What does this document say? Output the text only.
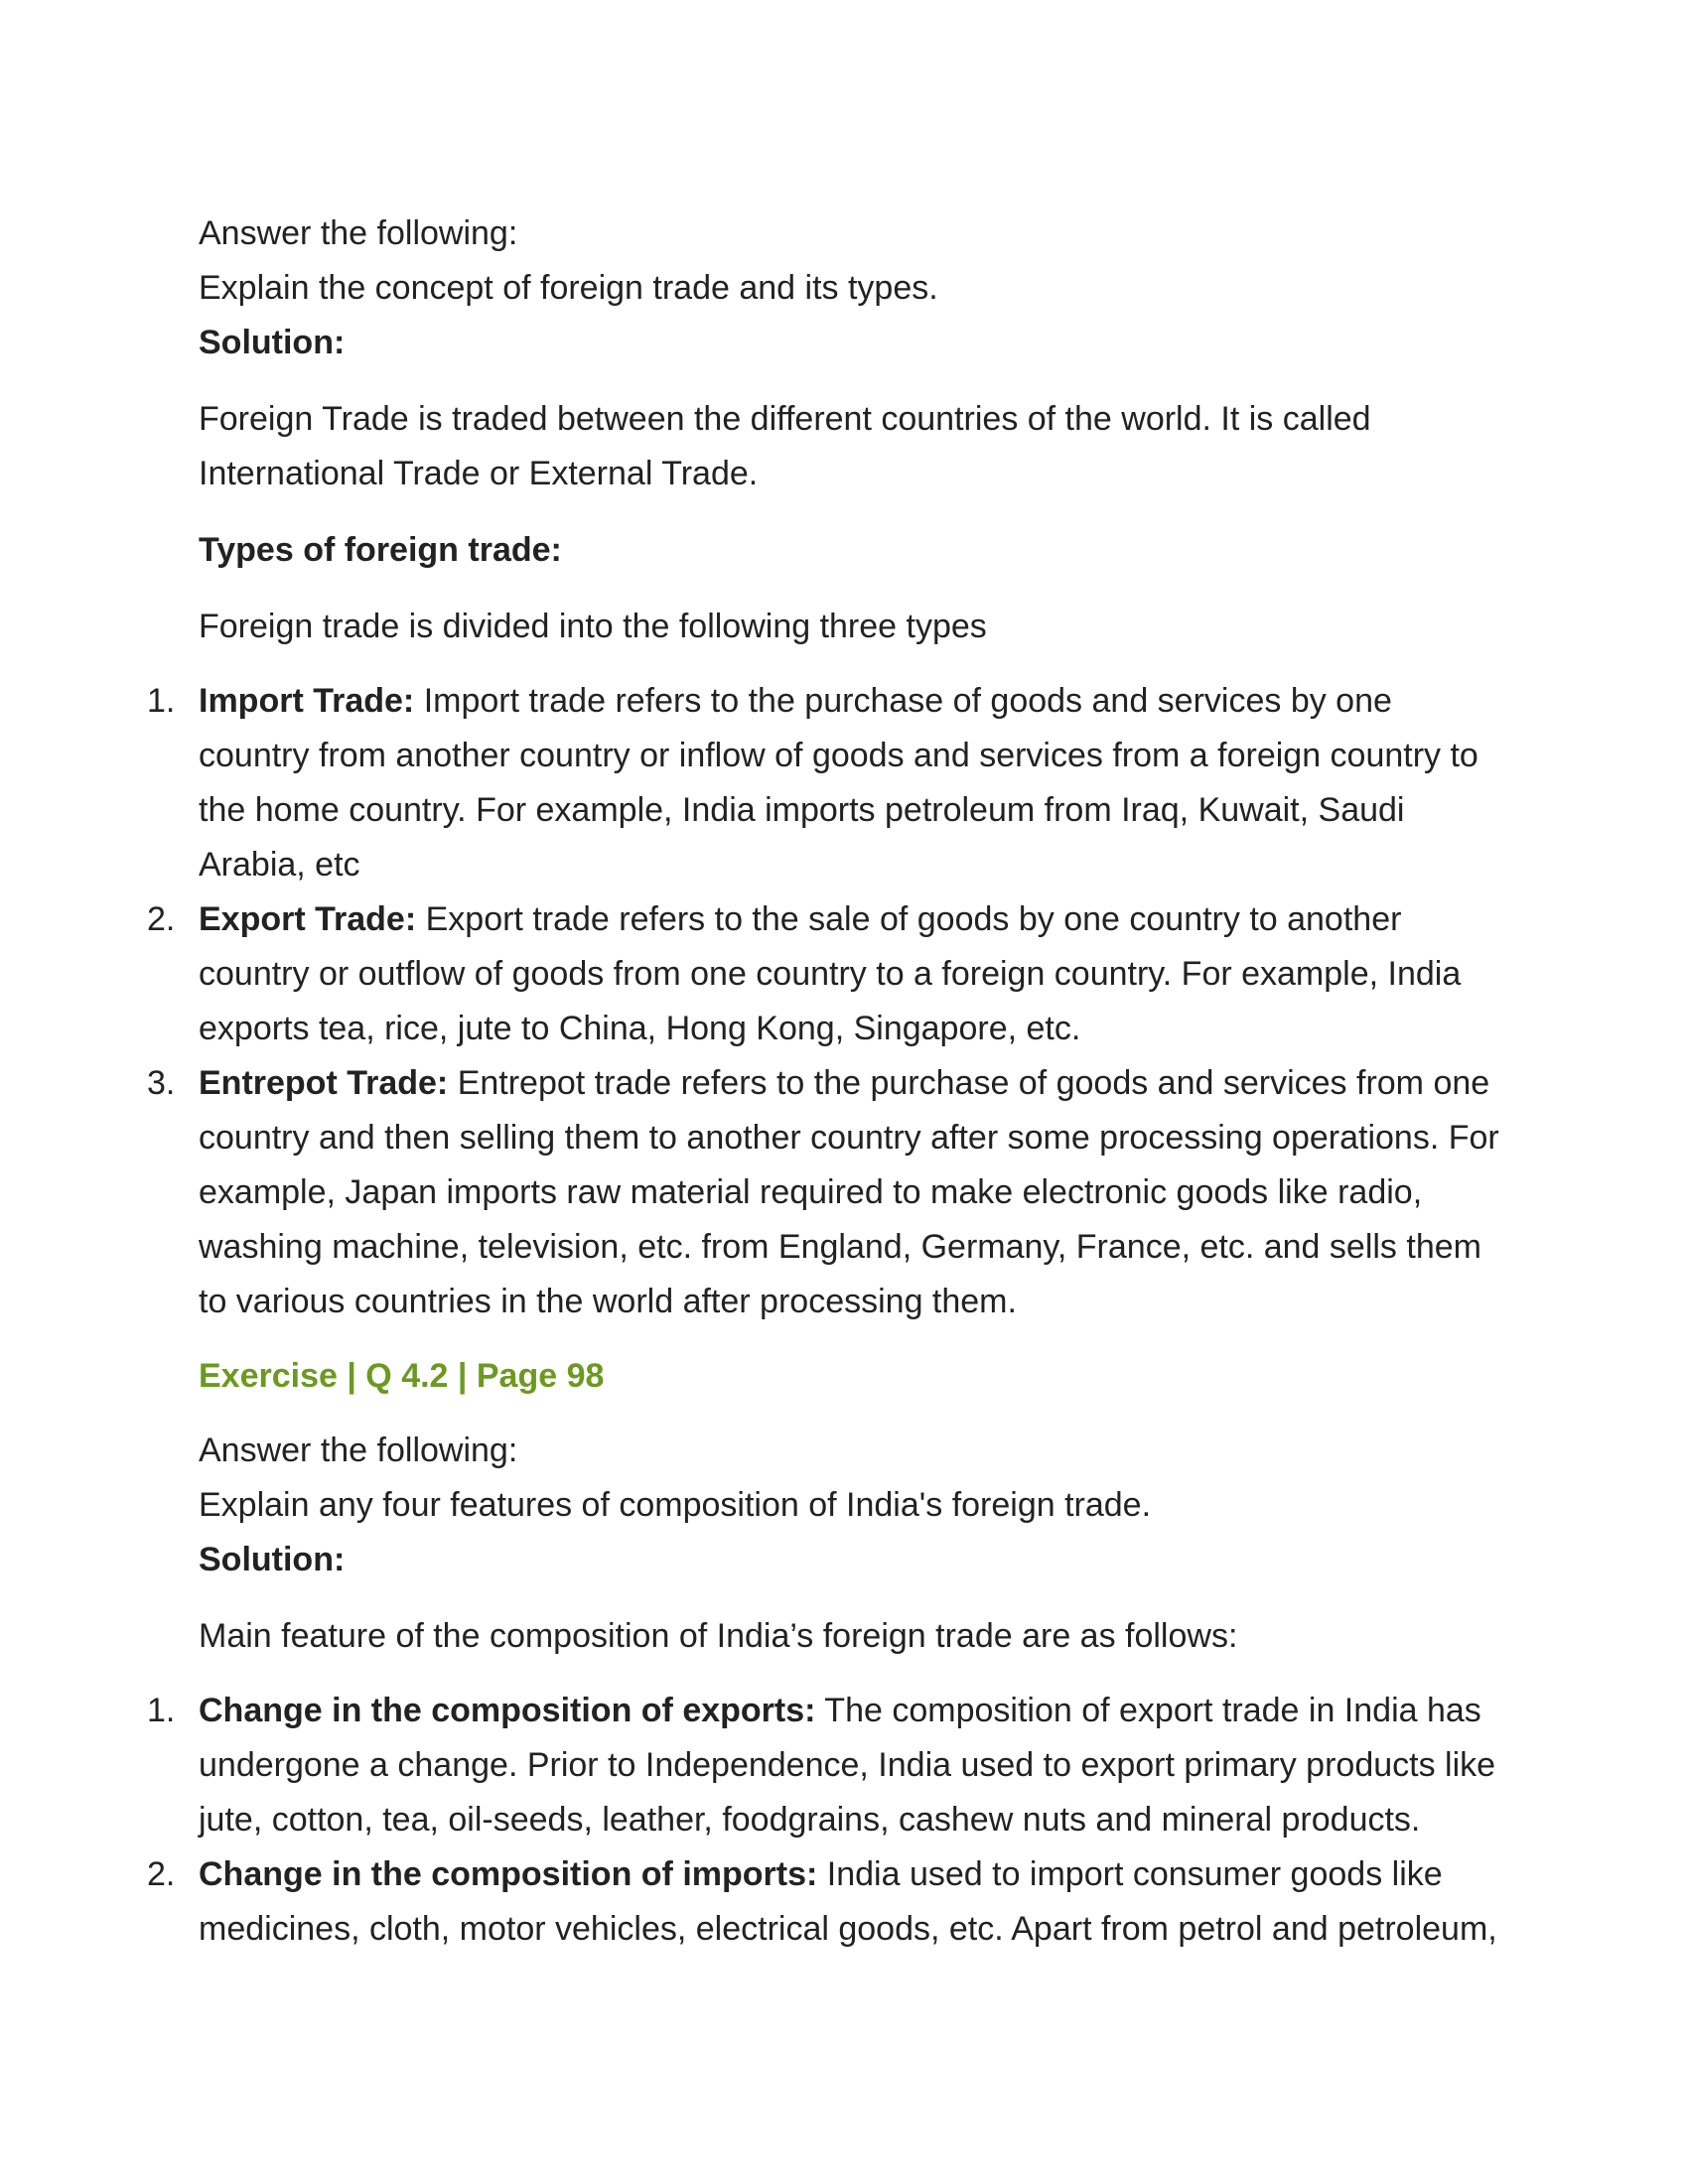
Answer the following:

Explain the concept of foreign trade and its types.

Solution:

Foreign Trade is traded between the different countries of the world. It is called International Trade or External Trade.

Types of foreign trade:

Foreign trade is divided into the following three types

1. Import Trade: Import trade refers to the purchase of goods and services by one country from another country or inflow of goods and services from a foreign country to the home country. For example, India imports petroleum from Iraq, Kuwait, Saudi Arabia, etc
2. Export Trade: Export trade refers to the sale of goods by one country to another country or outflow of goods from one country to a foreign country. For example, India exports tea, rice, jute to China, Hong Kong, Singapore, etc.
3. Entrepot Trade: Entrepot trade refers to the purchase of goods and services from one country and then selling them to another country after some processing operations. For example, Japan imports raw material required to make electronic goods like radio, washing machine, television, etc. from England, Germany, France, etc. and sells them to various countries in the world after processing them.

Exercise | Q 4.2 | Page 98

Answer the following:

Explain any four features of composition of India's foreign trade.

Solution:

Main feature of the composition of India’s foreign trade are as follows:

1. Change in the composition of exports: The composition of export trade in India has undergone a change. Prior to Independence, India used to export primary products like jute, cotton, tea, oil-seeds, leather, foodgrains, cashew nuts and mineral products.
2. Change in the composition of imports: India used to import consumer goods like medicines, cloth, motor vehicles, electrical goods, etc. Apart from petrol and petroleum,
